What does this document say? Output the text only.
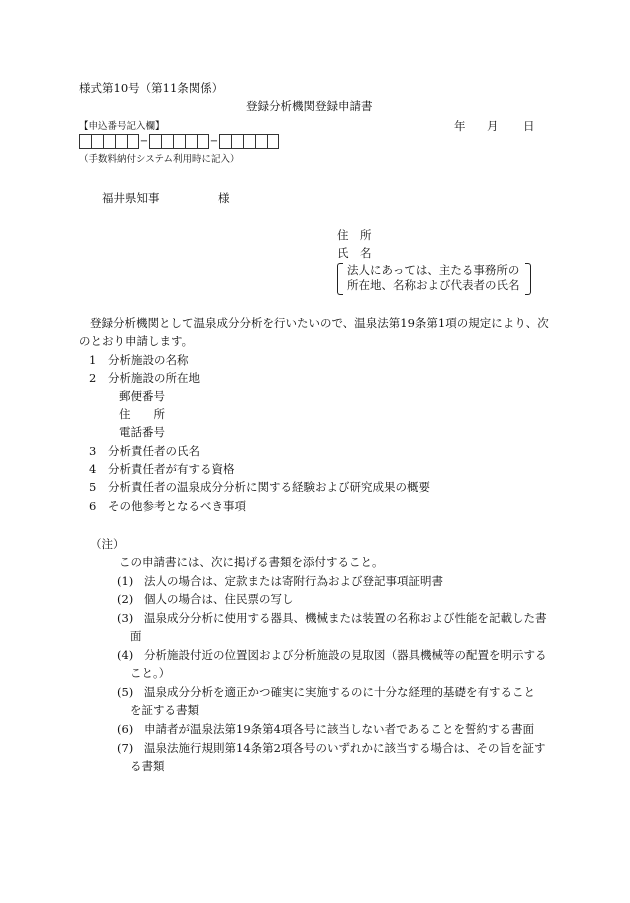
様式第10号（第11条関係）
登録分析機関登録申請書
【申込番号記入欄】	年 月 日
−	−
（手数料納付システム利用時に記入）
福井県知事	様
住　所
氏　名
法人にあっては、主たる事務所の
所在地、名称および代表者の氏名
登録分析機関として温泉成分分析を行いたいので、温泉法第19条第1項の規定により、次
のとおり申請します。
1 分析施設の名称
2 分析施設の所在地
郵便番号
住　　所
電話番号
3 分析責任者の氏名
4 分析責任者が有する資格
5 分析責任者の温泉成分分析に関する経験および研究成果の概要
6 その他参考となるべき事項
（注）
この申請書には、次に掲げる書類を添付すること。
(1) 法人の場合は、定款または寄附行為および登記事項証明書
(2) 個人の場合は、住民票の写し
(3) 温泉成分分析に使用する器具、機械または装置の名称および性能を記載した書
面
(4) 分析施設付近の位置図および分析施設の見取図（器具機械等の配置を明示する
こと。）
(5) 温泉成分分析を適正かつ確実に実施するのに十分な経理的基礎を有すること
を証する書類
(6) 申請者が温泉法第19条第4項各号に該当しない者であることを誓約する書面
(7) 温泉法施行規則第14条第2項各号のいずれかに該当する場合は、その旨を証す
る書類
